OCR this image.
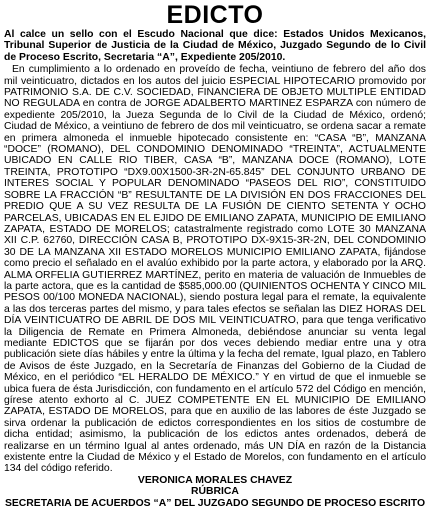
EDICTO

Al calce un sello con el Escudo Nacional que dice: Estados Unidos Mexicanos, Tribunal Superior de Justicia de la Ciudad de México, Juzgado Segundo de lo Civil de Proceso Escrito, Secretaria “A”, Expediente 205/2010.

En cumplimiento a lo ordenado en proveído de fecha, veintiuno de febrero del año dos mil veinticuatro, dictados en los autos del juicio ESPECIAL HIPOTECARIO promovido por PATRIMONIO S.A. DE C.V. SOCIEDAD, FINANCIERA DE OBJETO MULTIPLE ENTIDAD NO REGULADA en contra de JORGE ADALBERTO MARTINEZ ESPARZA con número de expediente 205/2010, la Jueza Segunda de lo Civil de la Ciudad de México, ordenó; Ciudad de México, a veintiuno de febrero de dos mil veinticuatro, se ordena sacar a remate en primera almoneda el inmueble hipotecado consistente en: “CASA “B”, MANZANA “DOCE” (ROMANO), DEL CONDOMINIO DENOMINADO “TREINTA”, ACTUALMENTE UBICADO EN CALLE RIO TIBER, CASA “B”, MANZANA DOCE (ROMANO), LOTE TREINTA, PROTOTIPO “DX9.00X1500-3R-2N-65.845” DEL CONJUNTO URBANO DE INTERES SOCIAL Y POPULAR DENOMINADO “PASEOS DEL RIO”, CONSTITUIDO SOBRE LA FRACCIÓN “B” RESULTANTE DE LA DIVISIÓN EN DOS FRACCIONES DEL PREDIO QUE A SU VEZ RESULTA DE LA FUSIÓN DE CIENTO SETENTA Y OCHO PARCELAS, UBICADAS EN EL EJIDO DE EMILIANO ZAPATA, MUNICIPIO DE EMILIANO ZAPATA, ESTADO DE MORELOS; catastralmente registrado como LOTE 30 MANZANA XII C.P. 62760, DIRECCIÓN CASA B, PROTOTIPO DX-9X15-3R-2N, DEL CONDOMINIO 30 DE LA MANZANA XII ESTADO MORELOS MUNICIPIO EMILIANO ZAPATA, fijándose como precio el señalado en el avalúo exhibido por la parte actora, y elaborado por la ARQ. ALMA ORFELIA GUTIERREZ MARTÍNEZ, perito en materia de valuación de Inmuebles de la parte actora, que es la cantidad de $585,000.00 (QUINIENTOS OCHENTA Y CINCO MIL PESOS 00/100 MONEDA NACIONAL), siendo postura legal para el remate, la equivalente a las dos terceras partes del mismo, y para tales efectos se señalan las DIEZ HORAS DEL DÍA VEINTICUATRO DE ABRIL DE DOS MIL VEINTICUATRO, para que tenga verificativo la Diligencia de Remate en Primera Almoneda, debiéndose anunciar su venta legal mediante EDICTOS que se fijarán por dos veces debiendo mediar entre una y otra publicación siete días hábiles y entre la última y la fecha del remate, Igual plazo, en Tablero de Avisos de éste Juzgado, en la Secretaría de Finanzas del Gobierno de la Ciudad de México, en el periódico “EL HERALDO DE MÉXICO.” Y en virtud de que el inmueble se ubica fuera de ésta Jurisdicción, con fundamento en el artículo 572 del Código en mención, gírese atento exhorto al C. JUEZ COMPETENTE EN EL MUNICIPIO DE EMILIANO ZAPATA, ESTADO DE MORELOS, para que en auxilio de las labores de éste Juzgado se sirva ordenar la publicación de edictos correspondientes en los sitios de costumbre de dicha entidad; asimismo, la publicación de los edictos antes ordenados, deberá de realizarse en un término Igual al antes ordenado, más UN DÍA en razón de la Distancia existente entre la Ciudad de México y el Estado de Morelos, con fundamento en el artículo 134 del código referido.

VERONICA MORALES CHAVEZ

RÚBRICA

SECRETARIA DE ACUERDOS “A” DEL JUZGADO SEGUNDO DE PROCESO ESCRITO
